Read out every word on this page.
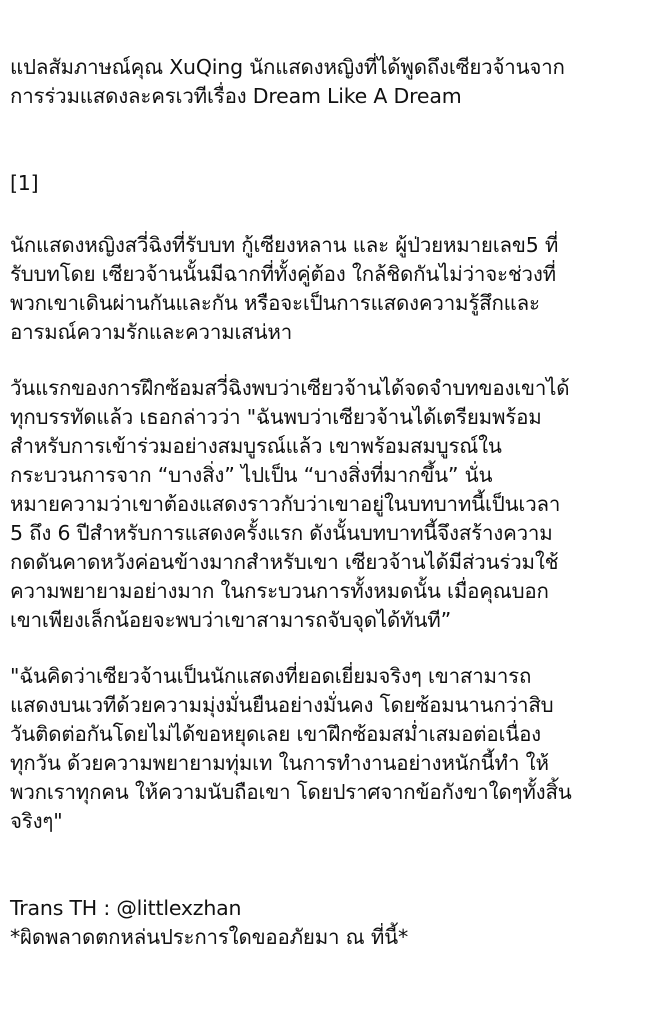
แปลสัมภาษณ์คุณ XuQing นักแสดงหญิงที่ได้พูดถึงเซียวจ้านจาก
การร่วมแสดงละครเวทีเรื่อง Dream Like A Dream

[1]

นักแสดงหญิงสวี่ฉิงที่รับบท กู้เซียงหลาน และ ผู้ป่วยหมายเลข5 ที่
รับบทโดย เซียวจ้านนั้นมีฉากที่ทั้งคู่ต้อง ใกล้ชิดกันไม่ว่าจะช่วงที่
พวกเขาเดินผ่านกันและกัน หรือจะเป็นการแสดงความรู้สึกและ
อารมณ์ความรักและความเสน่หา

วันแรกของการฝึกซ้อมสวี่ฉิงพบว่าเซียวจ้านได้จดจำบทของเขาได้
ทุกบรรทัดแล้ว เธอกล่าวว่า "ฉันพบว่าเซียวจ้านได้เตรียมพร้อม
สำหรับการเข้าร่วมอย่างสมบูรณ์แล้ว เขาพร้อมสมบูรณ์ใน
กระบวนการจาก “บางสิ่ง” ไปเป็น “บางสิ่งที่มากขึ้น” นั่น
หมายความว่าเขาต้องแสดงราวกับว่าเขาอยู่ในบทบาทนี้เป็นเวลา
5 ถึง 6 ปีสำหรับการแสดงครั้งแรก ดังนั้นบทบาทนี้จึงสร้างความ
กดดันคาดหวังค่อนข้างมากสำหรับเขา เซียวจ้านได้มีส่วนร่วมใช้
ความพยายามอย่างมาก ในกระบวนการทั้งหมดนั้น เมื่อคุณบอก
เขาเพียงเล็กน้อยจะพบว่าเขาสามารถจับจุดได้ทันที”

"ฉันคิดว่าเซียวจ้านเป็นนักแสดงที่ยอดเยี่ยมจริงๆ เขาสามารถ
แสดงบนเวทีด้วยความมุ่งมั่นยืนอย่างมั่นคง โดยซ้อมนานกว่าสิบ
วันติดต่อกันโดยไม่ได้ขอหยุดเลย เขาฝึกซ้อมสม่ำเสมอต่อเนื่อง
ทุกวัน ด้วยความพยายามทุ่มเท ในการทำงานอย่างหนักนี้ทำ ให้
พวกเราทุกคน ให้ความนับถือเขา โดยปราศจากข้อกังขาใดๆทั้งสิ้น
จริงๆ"

Trans TH : @littlexzhan

*ผิดพลาดตกหล่นประการใดขออภัยมา ณ ที่นี้*
